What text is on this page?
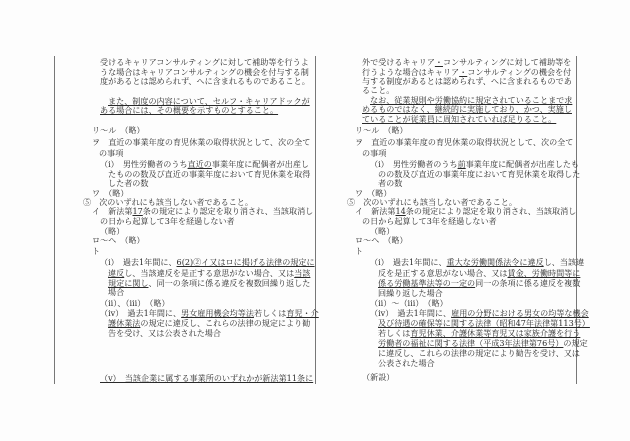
受けるキャリアコンサルティングに対して補助等を行うよ
うな場合はキャリアコンサルティングの機会を付与する制
度があるとは認められず、へに含まれるものであること。
また、制度の内容について、セルフ・キャリアドックが
ある場合には、その概要を示すものとすること。
リ～ル　（略）
ヲ　直近の事業年度の育児休業の取得状況として、次の全て
の事項
（i）　男性労働者のうち直近の事業年度に配偶者が出産し
たものの数及び直近の事業年度において育児休業を取得
した者の数
ワ　（略）
⑤　次のいずれにも該当しない者であること。
イ　新法第17条の規定により認定を取り消され、当該取消し
の日から起算して3年を経過しない者
（略）
ロ～ヘ　（略）
ト
（i）　過去1年間に、6(2)②イ又はロに掲げる法律の規定に
違反し、当該違反を是正する意思がない場合、又は当該
規定に関し、同一の条項に係る違反を複数回繰り返した
場合
（ii）、（iii）　（略）
（iv）　過去1年間に、男女雇用機会均等法若しくは育児・介
護休業法の規定に違反し、これらの法律の規定により勧
告を受け、又は公表された場合
（v）　当該企業に属する事業所のいずれかが新法第11条に
外で受けるキャリア・コンサルティングに対して補助等を
行うような場合はキャリア・コンサルティングの機会を付
与する制度があるとは認められず、へに含まれるものであ
ること。
なお、従業規則や労働協約に規定されていることまで求
めるものではなく、継続的に実施しており、かつ、実施し
ていることが従業員に周知されていれば足りること。
リ～ル　（略）
ヲ　直近の事業年度の育児休業の取得状況として、次の全て
の事項
（i）　男性労働者のうち前事業年度に配偶者が出産したも
のの数及び直近の事業年度において育児休業を取得した
者の数
ワ　（略）
⑤　次のいずれにも該当しない者であること。
イ　新法第14条の規定により認定を取り消され、当該取消し
の日から起算して3年を経過しない者
（略）
ロ～ヘ　（略）
ト
（i）　過去1年間に、重大な労働関係法令に違反し、当該違
反を是正する意思がない場合、又は賃金、労働時間等に
係る労働基準法等の一定の同一の条項に係る違反を複数
回繰り返した場合
（ii）～（iii）　（略）
（iv）　過去1年間に、雇用の分野における男女の均等な機会
及び待遇の確保等に関する法律（昭和47年法律第113号）
若しくは育児休業、介護休業等育児又は家族介護を行う
労働者の福祉に関する法律（平成3年法律第76号）の規定
に違反し、これらの法律の規定により勧告を受け、又は
公表された場合
（新設）
